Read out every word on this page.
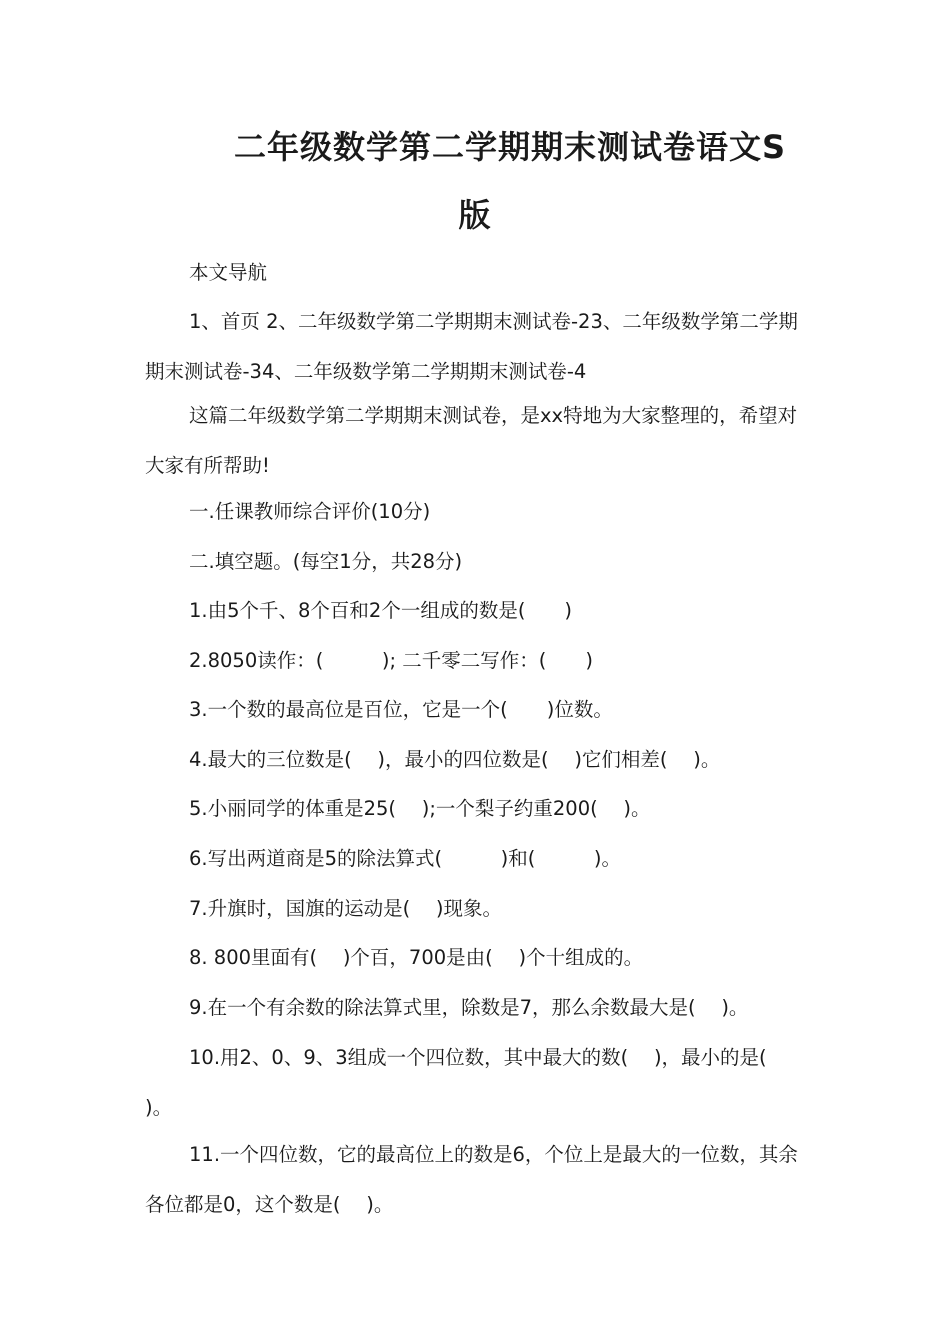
二年级数学第二学期期末测试卷语文S
版
本文导航
1、首页 2、二年级数学第二学期期末测试卷-23、二年级数学第二学期期末测试卷-34、二年级数学第二学期期末测试卷-4
这篇二年级数学第二学期期末测试卷，是xx特地为大家整理的，希望对大家有所帮助!
一.任课教师综合评价(10分)
二.填空题。(每空1分，共28分)
1.由5个千、8个百和2个一组成的数是(　　)
2.8050读作：(　　　); 二千零二写作：(　　)
3.一个数的最高位是百位，它是一个(　　)位数。
4.最大的三位数是(　 )，最小的四位数是(　 )它们相差(　 )。
5.小丽同学的体重是25(　 );一个梨子约重200(　 )。
6.写出两道商是5的除法算式(　　　)和(　　　)。
7.升旗时，国旗的运动是(　 )现象。
8. 800里面有(　 )个百，700是由(　 )个十组成的。
9.在一个有余数的除法算式里，除数是7，那么余数最大是(　 )。
10.用2、0、9、3组成一个四位数，其中最大的数(　 )，最小的是(　 )。
11.一个四位数，它的最高位上的数是6，个位上是最大的一位数，其余各位都是0，这个数是(　 )。
